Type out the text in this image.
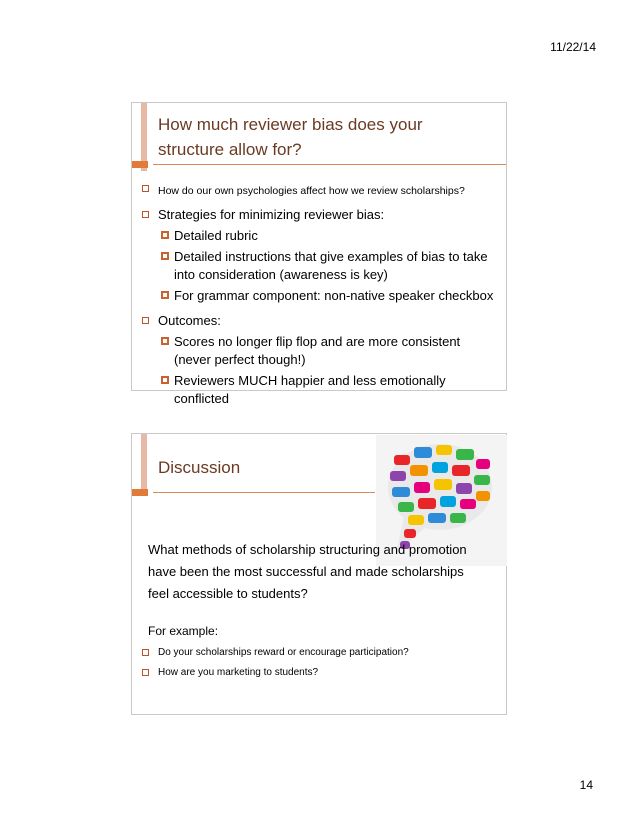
11/22/14
How much reviewer bias does your
structure allow for?
How do our own psychologies affect how we review scholarships?
Strategies for minimizing reviewer bias:
Detailed rubric
Detailed instructions that give examples of bias to take into consideration (awareness is key)
For grammar component: non-native speaker checkbox
Outcomes:
Scores no longer flip flop and are more consistent (never perfect though!)
Reviewers MUCH happier and less emotionally conflicted
Discussion
What methods of scholarship structuring and promotion have been the most successful and made scholarships feel accessible to students?
For example:
Do your scholarships reward or encourage participation?
How are you marketing to students?
14
